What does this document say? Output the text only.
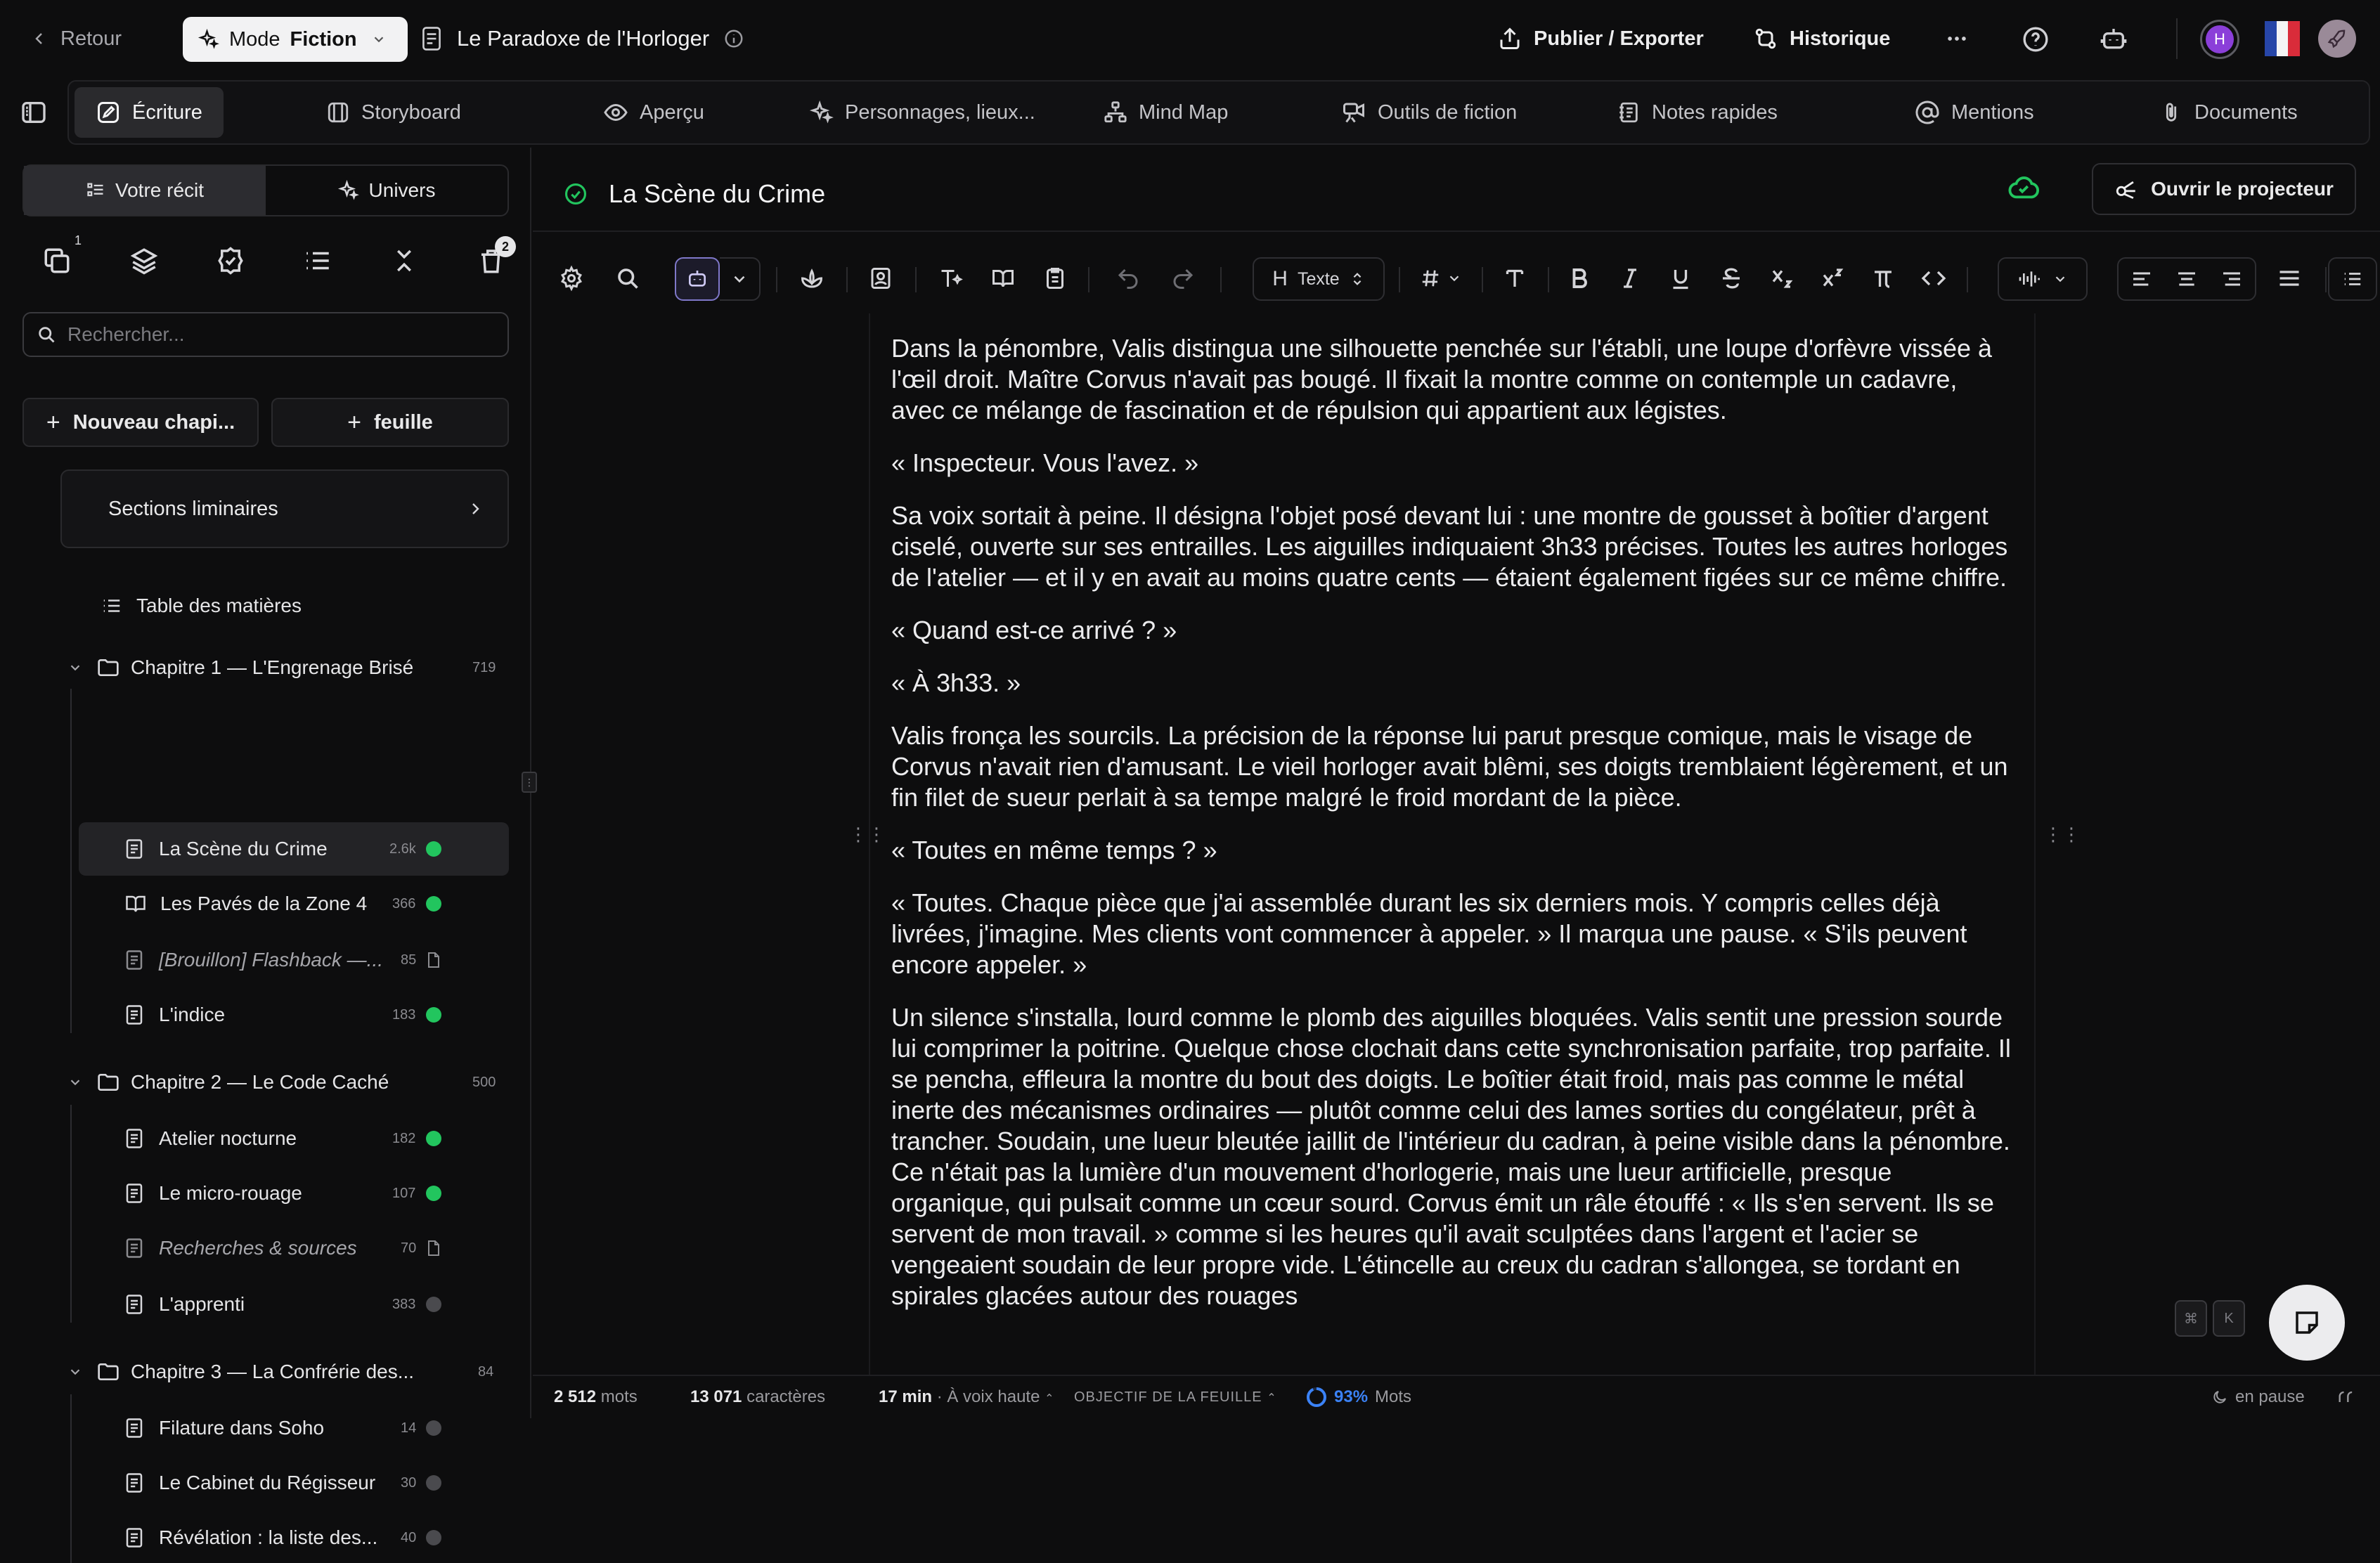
Retour	Mode Fiction	Le Paradoxe de l'Horloger	Publier / Exporter	Historique	H
Écriture	Storyboard	Aperçu	Personnages, lieux...	Mind Map	Outils de fiction	Notes rapides	Mentions	Documents
Votre récit	Univers
1	2
Rechercher...
+ Nouveau chapi...	+ feuille
Sections liminaires
Table des matières
Chapitre 1 — L'Engrenage Brisé	719
La Scène du Crime	2.6k
Les Pavés de la Zone 4 366
[Brouillon] Flashback —... 85
L'indice	183
Chapitre 2 — Le Code Caché	500
Atelier nocturne	182
Le micro-rouage	107
Recherches & sources	70
L'apprenti	383
Chapitre 3 — La Confrérie des...	84
Filature dans Soho	14
Le Cabinet du Régisseur 30
Révélation : la liste des... 40
⋮
La Scène du Crime	Ouvrir le projecteur
H Texte

Dans la pénombre, Valis distingua une silhouette penchée sur l'établi, une loupe d'orfèvre vissée à l'œil droit. Maître Corvus n'avait pas bougé. Il fixait la montre comme on contemple un cadavre, avec ce mélange de fascination et de répulsion qui appartient aux légistes.

« Inspecteur. Vous l'avez. »

Sa voix sortait à peine. Il désigna l'objet posé devant lui : une montre de gousset à boîtier d'argent ciselé, ouverte sur ses entrailles. Les aiguilles indiquaient 3h33 précises. Toutes les autres horloges de l'atelier — et il y en avait au moins quatre cents — étaient également figées sur ce même chiffre.

« Quand est-ce arrivé ? »

« À 3h33. »

Valis fronça les sourcils. La précision de la réponse lui parut presque comique, mais le visage de Corvus n'avait rien d'amusant. Le vieil horloger avait blêmi, ses doigts tremblaient légèrement, et un fin filet de sueur perlait à sa tempe malgré le froid mordant de la pièce.

« Toutes en même temps ? »

« Toutes. Chaque pièce que j'ai assemblée durant les six derniers mois. Y compris celles déjà livrées, j'imagine. Mes clients vont commencer à appeler. » Il marqua une pause. « S'ils peuvent encore appeler. »

Un silence s'installa, lourd comme le plomb des aiguilles bloquées. Valis sentit une pression sourde lui comprimer la poitrine. Quelque chose clochait dans cette synchronisation parfaite, trop parfaite. Il se pencha, effleura la montre du bout des doigts. Le boîtier était froid, mais pas comme le métal inerte des mécanismes ordinaires — plutôt comme celui des lames sorties du congélateur, prêt à trancher. Soudain, une lueur bleutée jaillit de l'intérieur du cadran, à peine visible dans la pénombre. Ce n'était pas la lumière d'un mouvement d'horlogerie, mais une lueur artificielle, presque organique, qui pulsait comme un cœur sourd. Corvus émit un râle étouffé : « Ils s'en servent. Ils se servent de mon travail. » comme si les heures qu'il avait sculptées dans l'argent et l'acier se vengeaient soudain de leur propre vide. L'étincelle au creux du cadran s'allongea, se tordant en spirales glacées autour des rouages

⋮⋮	⋮⋮
⌘	K
2 512 mots	13 071 caractères	17 min · À voix haute ⌃ OBJECTIF DE LA FEUILLE ⌃	93% Mots	en pause
